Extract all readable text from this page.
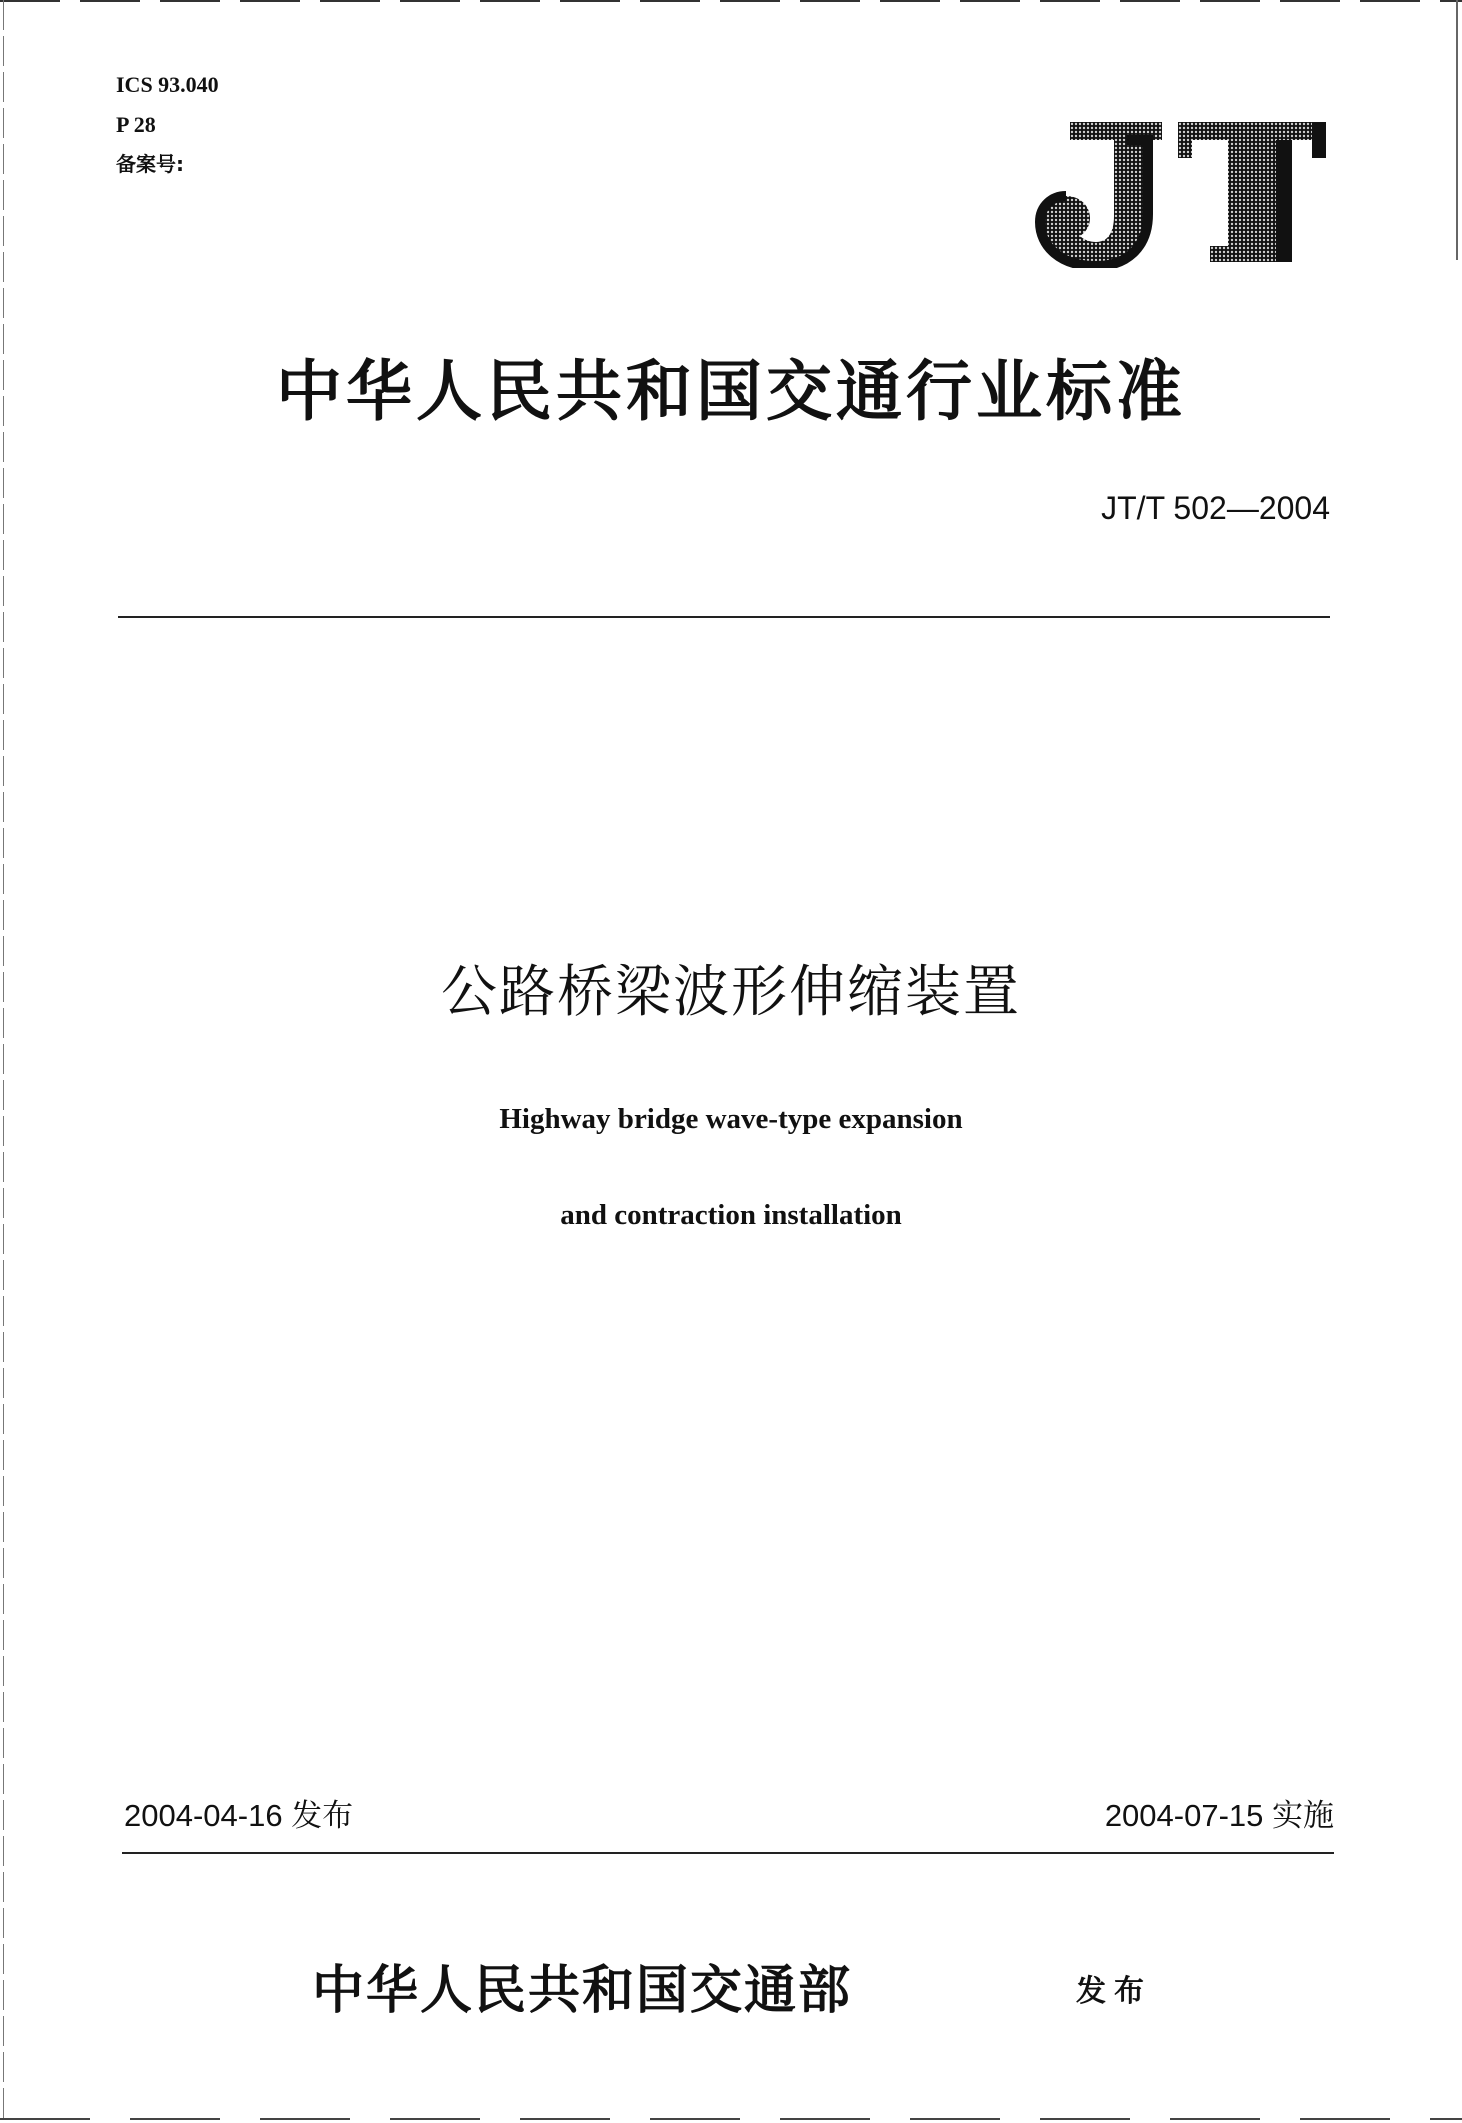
ICS 93.040
P 28
备案号:
中华人民共和国交通行业标准
JT/T 502—2004
公路桥梁波形伸缩装置
Highway bridge wave-type expansion
and contraction installation
2004-04-16 发布	2004-07-15 实施
中华人民共和国交通部	发布
